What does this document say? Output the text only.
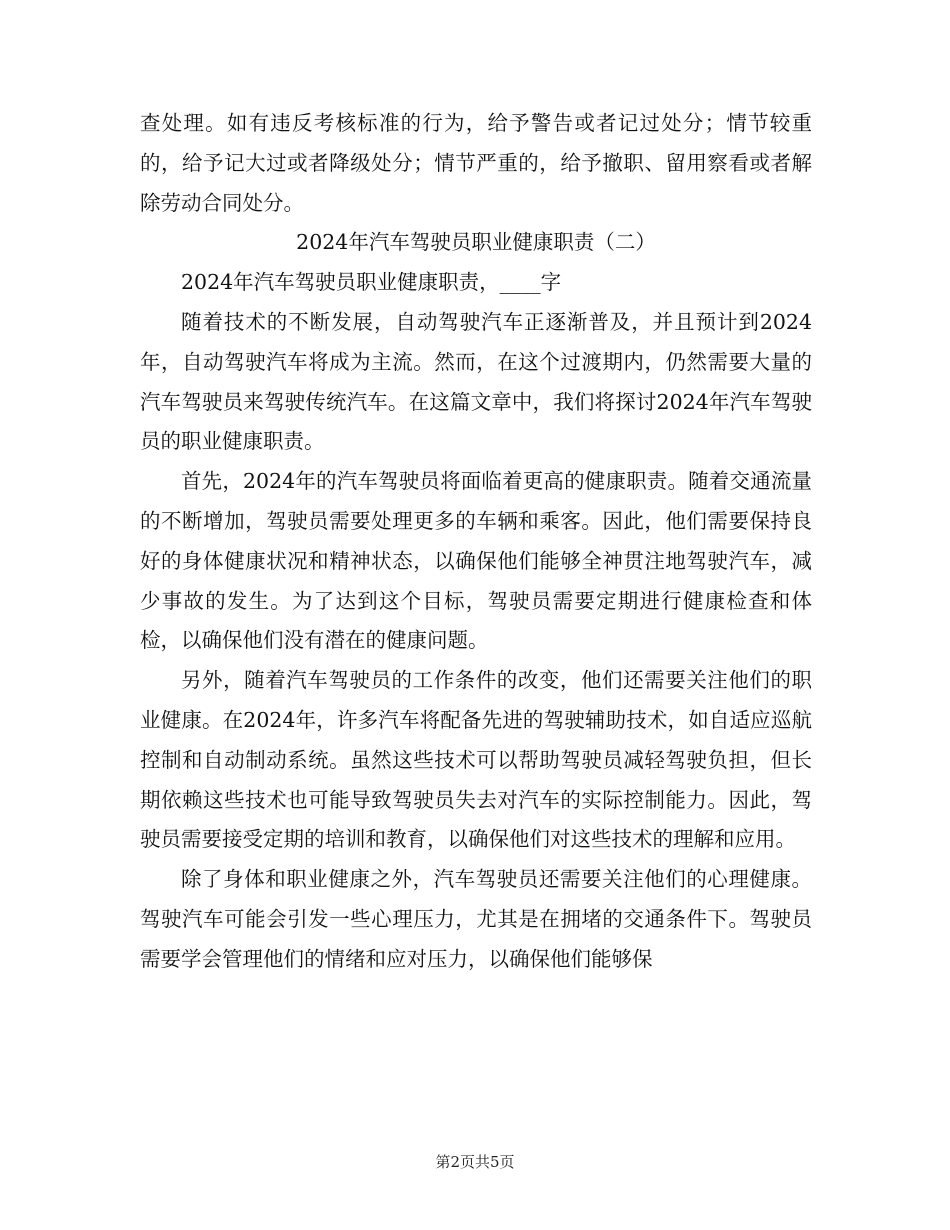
查处理。如有违反考核标准的行为，给予警告或者记过处分；情节较重的，给予记大过或者降级处分；情节严重的，给予撤职、留用察看或者解除劳动合同处分。

2024年汽车驾驶员职业健康职责（二）

2024年汽车驾驶员职业健康职责，____字

随着技术的不断发展，自动驾驶汽车正逐渐普及，并且预计到2024年，自动驾驶汽车将成为主流。然而，在这个过渡期内，仍然需要大量的汽车驾驶员来驾驶传统汽车。在这篇文章中，我们将探讨2024年汽车驾驶员的职业健康职责。

首先，2024年的汽车驾驶员将面临着更高的健康职责。随着交通流量的不断增加，驾驶员需要处理更多的车辆和乘客。因此，他们需要保持良好的身体健康状况和精神状态，以确保他们能够全神贯注地驾驶汽车，减少事故的发生。为了达到这个目标，驾驶员需要定期进行健康检查和体检，以确保他们没有潜在的健康问题。

另外，随着汽车驾驶员的工作条件的改变，他们还需要关注他们的职业健康。在2024年，许多汽车将配备先进的驾驶辅助技术，如自适应巡航控制和自动制动系统。虽然这些技术可以帮助驾驶员减轻驾驶负担，但长期依赖这些技术也可能导致驾驶员失去对汽车的实际控制能力。因此，驾驶员需要接受定期的培训和教育，以确保他们对这些技术的理解和应用。

除了身体和职业健康之外，汽车驾驶员还需要关注他们的心理健康。驾驶汽车可能会引发一些心理压力，尤其是在拥堵的交通条件下。驾驶员需要学会管理他们的情绪和应对压力，以确保他们能够保

第2页共5页
